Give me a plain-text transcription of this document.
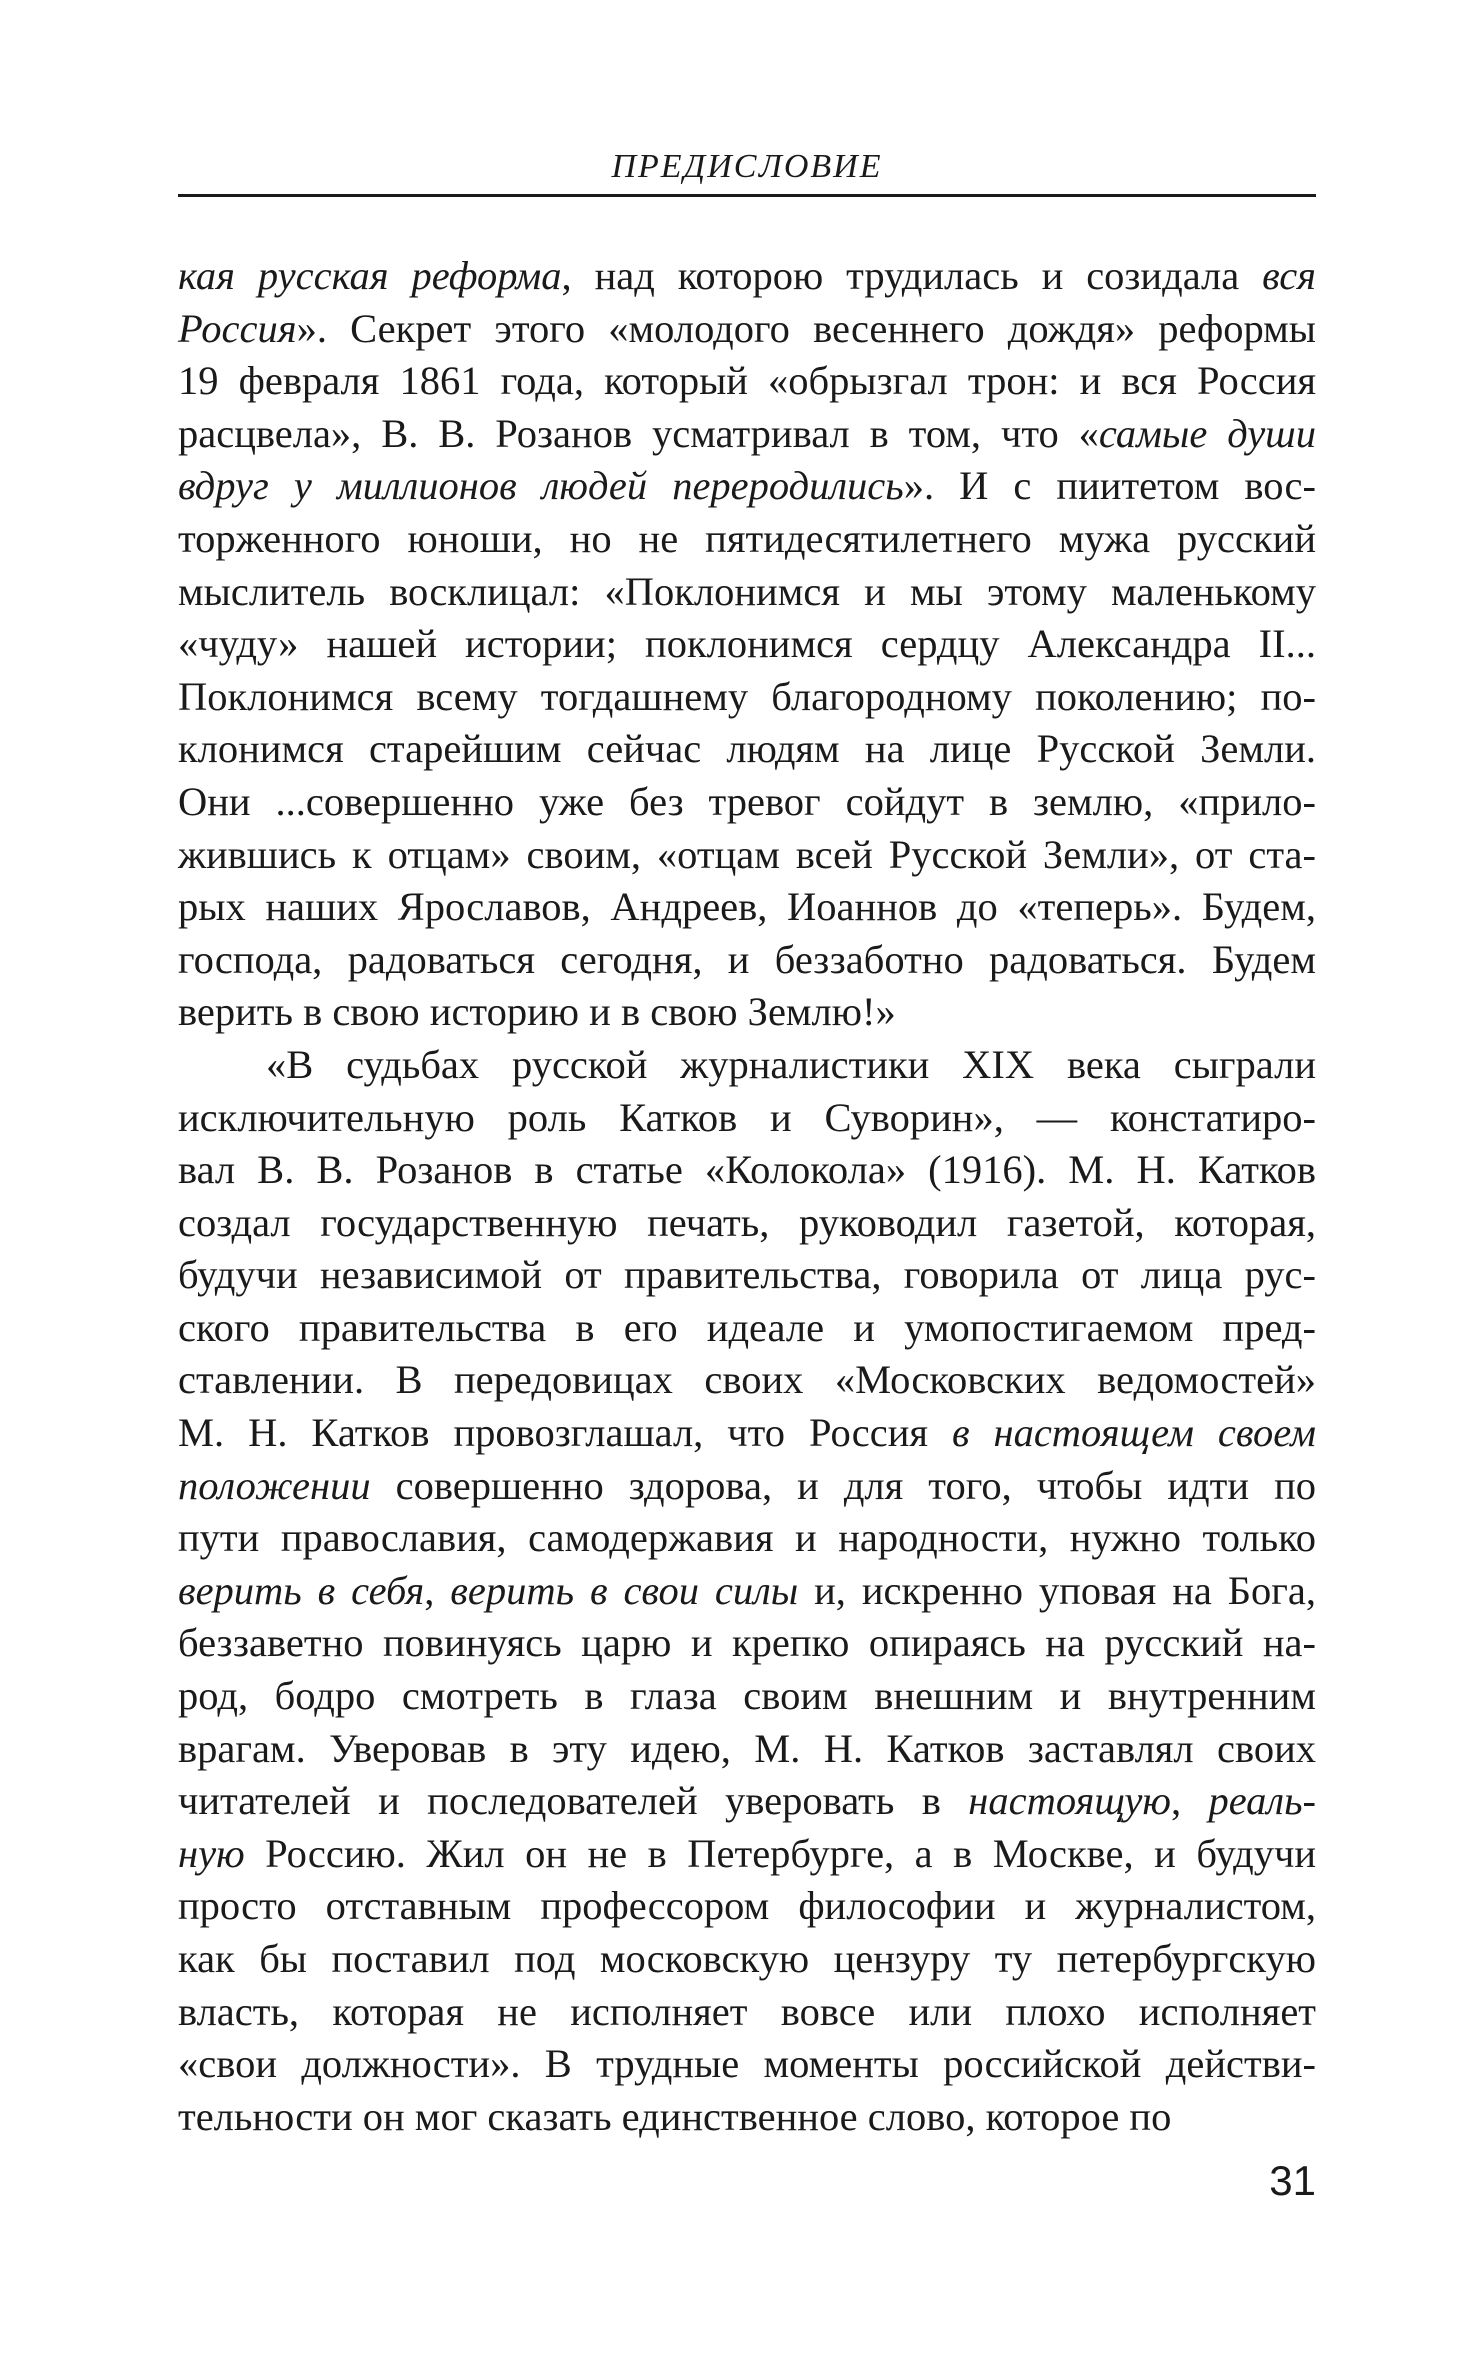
ПРЕДИСЛОВИЕ
кая русская реформа, над которою трудилась и созидала вся
Россия». Секрет этого «молодого весеннего дождя» реформы
19 февраля 1861 года, который «обрызгал трон: и вся Россия
расцвела», В. В. Розанов усматривал в том, что «самые души
вдруг у миллионов людей переродились». И с пиитетом вос-
торженного юноши, но не пятидесятилетнего мужа русский
мыслитель восклицал: «Поклонимся и мы этому маленькому
«чуду» нашей истории; поклонимся сердцу Александра II...
Поклонимся всему тогдашнему благородному поколению; по-
клонимся старейшим сейчас людям на лице Русской Земли.
Они ...совершенно уже без тревог сойдут в землю, «прило-
жившись к отцам» своим, «отцам всей Русской Земли», от ста-
рых наших Ярославов, Андреев, Иоаннов до «теперь». Будем,
господа, радоваться сегодня, и беззаботно радоваться. Будем
верить в свою историю и в свою Землю!»
«В судьбах русской журналистики XIX века сыграли
исключительную роль Катков и Суворин», — констатиро-
вал В. В. Розанов в статье «Колокола» (1916). М. Н. Катков
создал государственную печать, руководил газетой, которая,
будучи независимой от правительства, говорила от лица рус-
ского правительства в его идеале и умопостигаемом пред-
ставлении. В передовицах своих «Московских ведомостей»
М. Н. Катков провозглашал, что Россия в настоящем своем
положении совершенно здорова, и для того, чтобы идти по
пути православия, самодержавия и народности, нужно только
верить в себя, верить в свои силы и, искренно уповая на Бога,
беззаветно повинуясь царю и крепко опираясь на русский на-
род, бодро смотреть в глаза своим внешним и внутренним
врагам. Уверовав в эту идею, М. Н. Катков заставлял своих
читателей и последователей уверовать в настоящую, реаль-
ную Россию. Жил он не в Петербурге, а в Москве, и будучи
просто отставным профессором философии и журналистом,
как бы поставил под московскую цензуру ту петербургскую
власть, которая не исполняет вовсе или плохо исполняет
«свои должности». В трудные моменты российской действи-
тельности он мог сказать единственное слово, которое по
31
